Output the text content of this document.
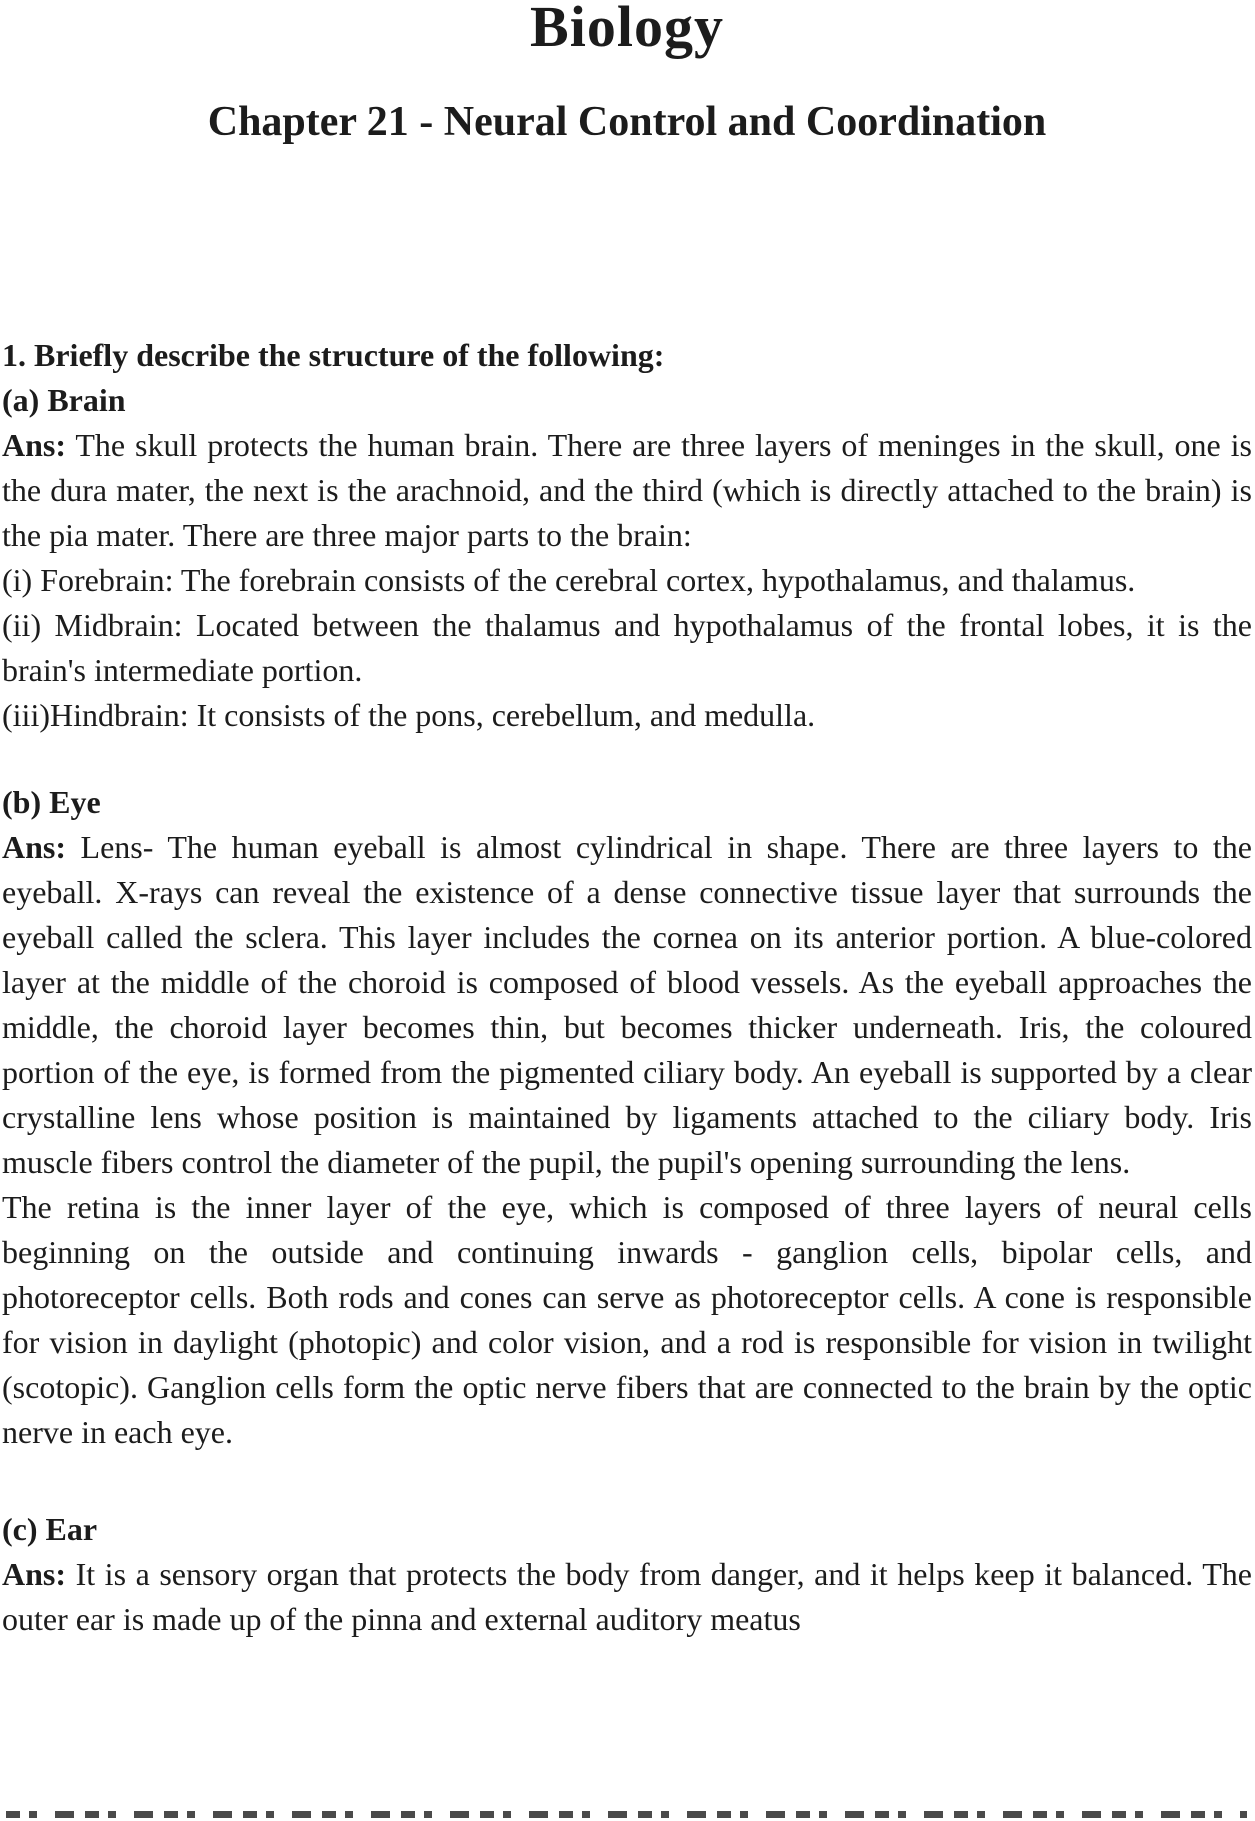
Biology
Chapter 21 - Neural Control and Coordination
1. Briefly describe the structure of the following:
(a) Brain

Ans: The skull protects the human brain. There are three layers of meninges in the skull, one is the dura mater, the next is the arachnoid, and the third (which is directly attached to the brain) is the pia mater. There are three major parts to the brain:

(i) Forebrain: The forebrain consists of the cerebral cortex, hypothalamus, and thalamus.

(ii) Midbrain: Located between the thalamus and hypothalamus of the frontal lobes, it is the brain's intermediate portion.

(iii)Hindbrain: It consists of the pons, cerebellum, and medulla.

(b) Eye

Ans: Lens- The human eyeball is almost cylindrical in shape. There are three layers to the eyeball. X-rays can reveal the existence of a dense connective tissue layer that surrounds the eyeball called the sclera. This layer includes the cornea on its anterior portion. A blue-colored layer at the middle of the choroid is composed of blood vessels. As the eyeball approaches the middle, the choroid layer becomes thin, but becomes thicker underneath. Iris, the coloured portion of the eye, is formed from the pigmented ciliary body. An eyeball is supported by a clear crystalline lens whose position is maintained by ligaments attached to the ciliary body. Iris muscle fibers control the diameter of the pupil, the pupil's opening surrounding the lens.

The retina is the inner layer of the eye, which is composed of three layers of neural cells beginning on the outside and continuing inwards - ganglion cells, bipolar cells, and photoreceptor cells. Both rods and cones can serve as photoreceptor cells. A cone is responsible for vision in daylight (photopic) and color vision, and a rod is responsible for vision in twilight (scotopic). Ganglion cells form the optic nerve fibers that are connected to the brain by the optic nerve in each eye.

(c) Ear

Ans: It is a sensory organ that protects the body from danger, and it helps keep it balanced. The outer ear is made up of the pinna and external auditory meatus
